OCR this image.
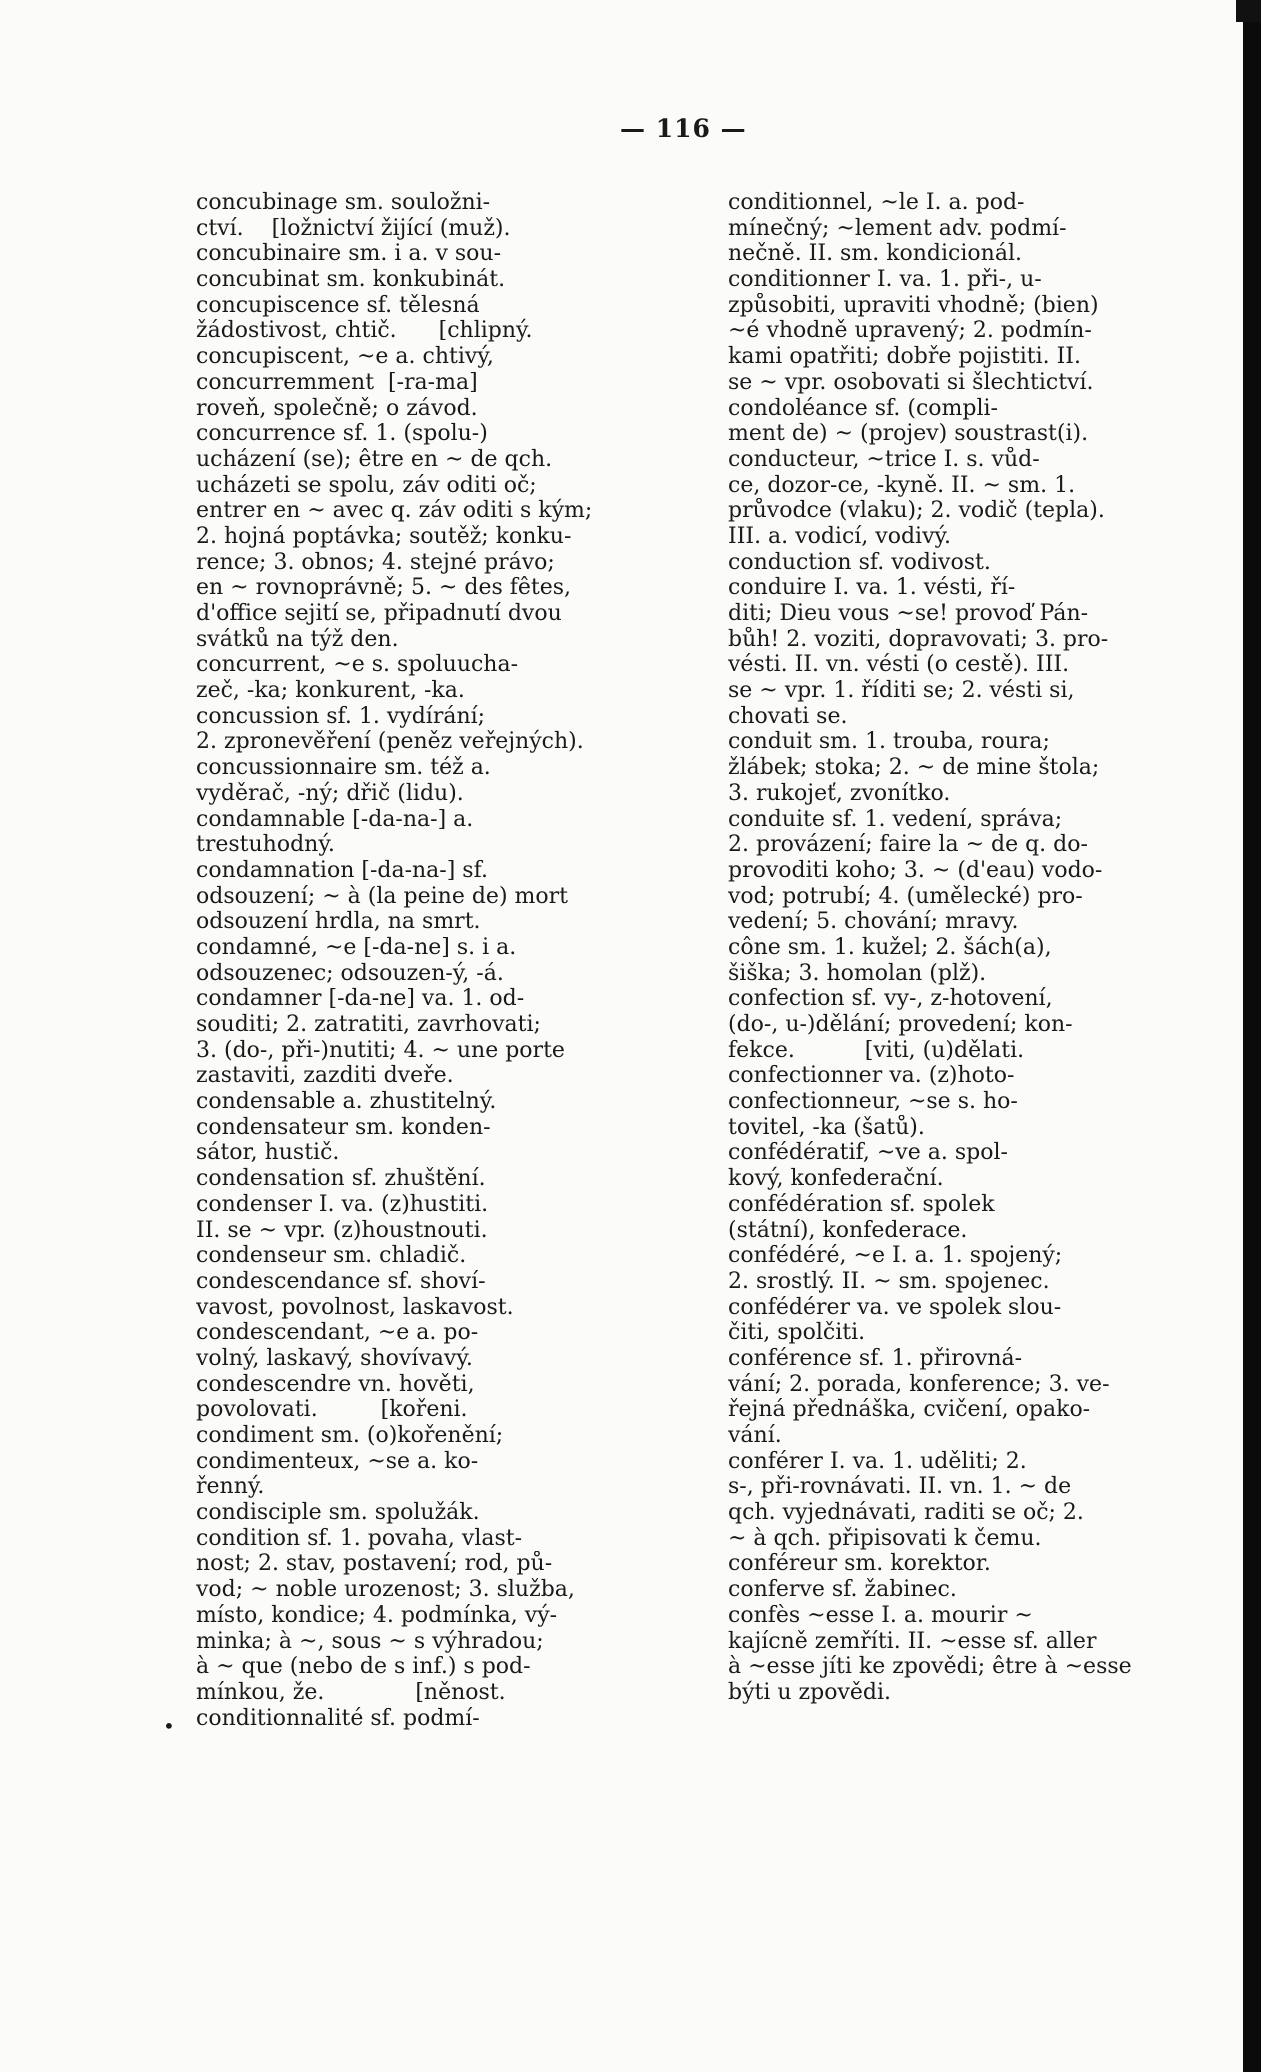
— 116 —
•
concubinage sm. souložni-
ctví.    [ložnictví žijící (muž).
concubinaire sm. i a. v sou-
concubinat sm. konkubinát.
concupiscence sf. tělesná
žádostivost, chtič.      [chlipný.
concupiscent, ~e a. chtivý,
concurremment  [-ra-ma]
roveň, společně; o závod.
concurrence sf. 1. (spolu-)
ucházení (se); être en ~ de qch.
ucházeti se spolu, záv oditi oč;
entrer en ~ avec q. záv oditi s kým;
2. hojná poptávka; soutěž; konku-
rence; 3. obnos; 4. stejné právo;
en ~ rovnoprávně; 5. ~ des fêtes,
d'office sejití se, připadnutí dvou
svátků na týž den.
concurrent, ~e s. spoluucha-
zeč, -ka; konkurent, -ka.
concussion sf. 1. vydírání;
2. zpronevěření (peněz veřejných).
concussionnaire sm. též a.
vyděrač, -ný; dřič (lidu).
condamnable [-da-na-] a.
trestuhodný.
condamnation [-da-na-] sf.
odsouzení; ~ à (la peine de) mort
odsouzení hrdla, na smrt.
condamné, ~e [-da-ne] s. i a.
odsouzenec; odsouzen-ý, -á.
condamner [-da-ne] va. 1. od-
souditi; 2. zatratiti, zavrhovati;
3. (do-, při-)nutiti; 4. ~ une porte
zastaviti, zazditi dveře.
condensable a. zhustitelný.
condensateur sm. konden-
sátor, hustič.
condensation sf. zhuštění.
condenser I. va. (z)hustiti.
II. se ~ vpr. (z)houstnouti.
condenseur sm. chladič.
condescendance sf. shoví-
vavost, povolnost, laskavost.
condescendant, ~e a. po-
volný, laskavý, shovívavý.
condescendre vn. hověti,
povolovati.         [kořeni.
condiment sm. (o)kořenění;
condimenteux, ~se a. ko-
řenný.
condisciple sm. spolužák.
condition sf. 1. povaha, vlast-
nost; 2. stav, postavení; rod, pů-
vod; ~ noble urozenost; 3. služba,
místo, kondice; 4. podmínka, vý-
minka; à ~, sous ~ s výhradou;
à ~ que (nebo de s inf.) s pod-
mínkou, že.             [něnost.
conditionnalité sf. podmí-
conditionnel, ~le I. a. pod-
mínečný; ~lement adv. podmí-
nečně. II. sm. kondicionál.
conditionner I. va. 1. při-, u-
způsobiti, upraviti vhodně; (bien)
~é vhodně upravený; 2. podmín-
kami opatřiti; dobře pojistiti. II.
se ~ vpr. osobovati si šlechtictví.
condoléance sf. (compli-
ment de) ~ (projev) soustrast(i).
conducteur, ~trice I. s. vůd-
ce, dozor-ce, -kyně. II. ~ sm. 1.
průvodce (vlaku); 2. vodič (tepla).
III. a. vodicí, vodivý.
conduction sf. vodivost.
conduire I. va. 1. vésti, ří-
diti; Dieu vous ~se! provoď Pán-
bůh! 2. voziti, dopravovati; 3. pro-
vésti. II. vn. vésti (o cestě). III.
se ~ vpr. 1. říditi se; 2. vésti si,
chovati se.
conduit sm. 1. trouba, roura;
žlábek; stoka; 2. ~ de mine štola;
3. rukojeť, zvonítko.
conduite sf. 1. vedení, správa;
2. provázení; faire la ~ de q. do-
provoditi koho; 3. ~ (d'eau) vodo-
vod; potrubí; 4. (umělecké) pro-
vedení; 5. chování; mravy.
cône sm. 1. kužel; 2. šách(a),
šiška; 3. homolan (plž).
confection sf. vy-, z-hotovení,
(do-, u-)dělání; provedení; kon-
fekce.          [viti, (u)dělati.
confectionner va. (z)hoto-
confectionneur, ~se s. ho-
tovitel, -ka (šatů).
confédératif, ~ve a. spol-
kový, konfederační.
confédération sf. spolek
(státní), konfederace.
confédéré, ~e I. a. 1. spojený;
2. srostlý. II. ~ sm. spojenec.
confédérer va. ve spolek slou-
čiti, spolčiti.
conférence sf. 1. přirovná-
vání; 2. porada, konference; 3. ve-
řejná přednáška, cvičení, opako-
vání.
conférer I. va. 1. uděliti; 2.
s-, při-rovnávati. II. vn. 1. ~ de
qch. vyjednávati, raditi se oč; 2.
~ à qch. připisovati k čemu.
conféreur sm. korektor.
conferve sf. žabinec.
confès ~esse I. a. mourir ~
kajícně zemříti. II. ~esse sf. aller
à ~esse jíti ke zpovědi; être à ~esse
býti u zpovědi.
